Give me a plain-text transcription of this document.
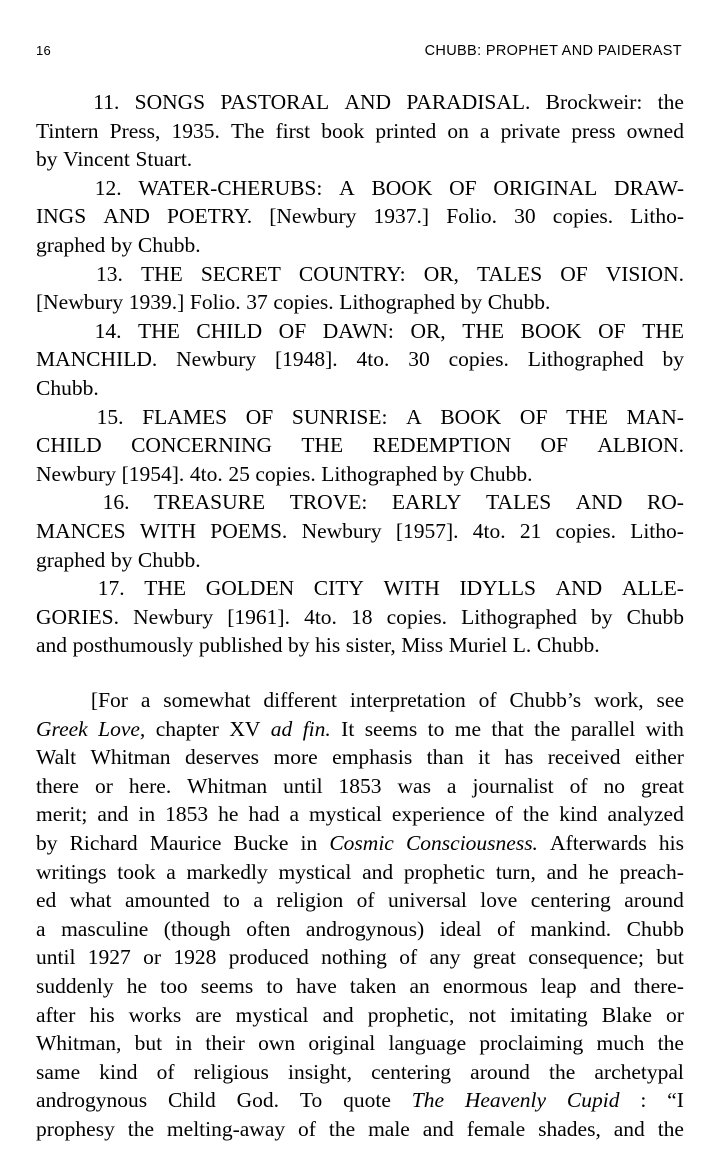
16	CHUBB: PROPHET AND PAIDERAST
11. SONGS PASTORAL AND PARADISAL. Brockweir: the
Tintern Press, 1935. The first book printed on a private press owned
by Vincent Stuart.
12. WATER-CHERUBS: A BOOK OF ORIGINAL DRAW-
INGS AND POETRY. [Newbury 1937.] Folio. 30 copies. Litho-
graphed by Chubb.
13. THE SECRET COUNTRY: OR, TALES OF VISION.
[Newbury 1939.] Folio. 37 copies. Lithographed by Chubb.
14. THE CHILD OF DAWN: OR, THE BOOK OF THE
MANCHILD. Newbury [1948]. 4to. 30 copies. Lithographed by
Chubb.
15. FLAMES OF SUNRISE: A BOOK OF THE MAN-
CHILD CONCERNING THE REDEMPTION OF ALBION.
Newbury [1954]. 4to. 25 copies. Lithographed by Chubb.
16. TREASURE TROVE: EARLY TALES AND RO-
MANCES WITH POEMS. Newbury [1957]. 4to. 21 copies. Litho-
graphed by Chubb.
17. THE GOLDEN CITY WITH IDYLLS AND ALLE-
GORIES. Newbury [1961]. 4to. 18 copies. Lithographed by Chubb
and posthumously published by his sister, Miss Muriel L. Chubb.
[For a somewhat different interpretation of Chubb’s work, see
Greek Love, chapter XV ad fin. It seems to me that the parallel with
Walt Whitman deserves more emphasis than it has received either
there or here. Whitman until 1853 was a journalist of no great
merit; and in 1853 he had a mystical experience of the kind analyzed
by Richard Maurice Bucke in Cosmic Consciousness. Afterwards his
writings took a markedly mystical and prophetic turn, and he preach-
ed what amounted to a religion of universal love centering around
a masculine (though often androgynous) ideal of mankind. Chubb
until 1927 or 1928 produced nothing of any great consequence; but
suddenly he too seems to have taken an enormous leap and there-
after his works are mystical and prophetic, not imitating Blake or
Whitman, but in their own original language proclaiming much the
same kind of religious insight, centering around the archetypal
androgynous Child God. To quote The Heavenly Cupid : “I
prophesy the melting-away of the male and female shades, and the
